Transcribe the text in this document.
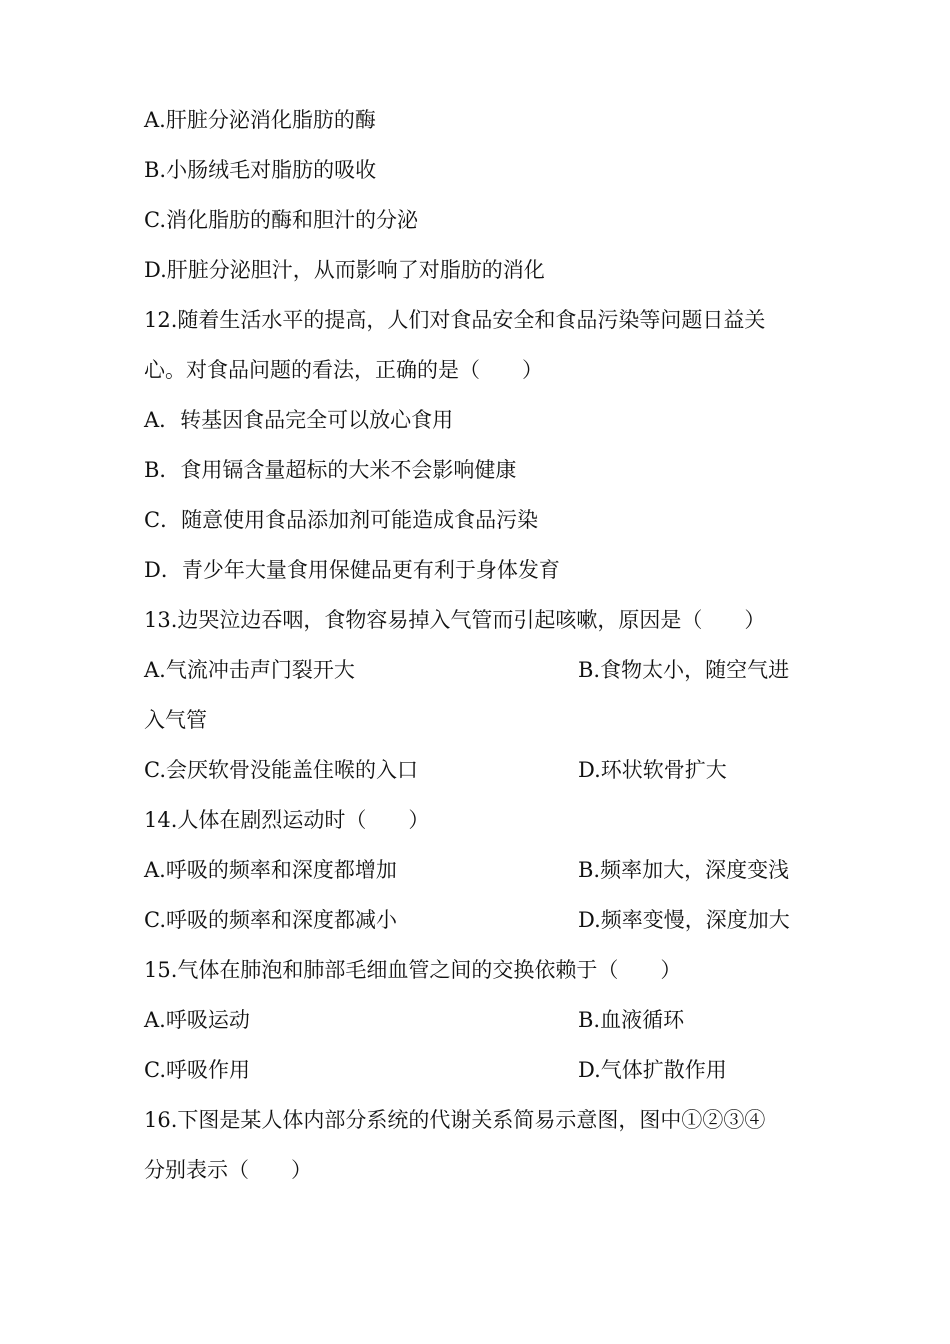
A.肝脏分泌消化脂肪的酶
B.小肠绒毛对脂肪的吸收
C.消化脂肪的酶和胆汁的分泌
D.肝脏分泌胆汁，从而影响了对脂肪的消化
12.随着生活水平的提高，人们对食品安全和食品污染等问题日益关
心。对食品问题的看法，正确的是（　　）
A．转基因食品完全可以放心食用
B．食用镉含量超标的大米不会影响健康
C．随意使用食品添加剂可能造成食品污染
D．青少年大量食用保健品更有利于身体发育
13.边哭泣边吞咽，食物容易掉入气管而引起咳嗽，原因是（　　）
A.气流冲击声门裂开大	B.食物太小，随空气进
入气管
C.会厌软骨没能盖住喉的入口	D.环状软骨扩大
14.人体在剧烈运动时（　　）
A.呼吸的频率和深度都增加	B.频率加大，深度变浅
C.呼吸的频率和深度都减小	D.频率变慢，深度加大
15.气体在肺泡和肺部毛细血管之间的交换依赖于（　　）
A.呼吸运动	B.血液循环
C.呼吸作用	D.气体扩散作用
16.下图是某人体内部分系统的代谢关系简易示意图，图中①②③④
分别表示（　　）
